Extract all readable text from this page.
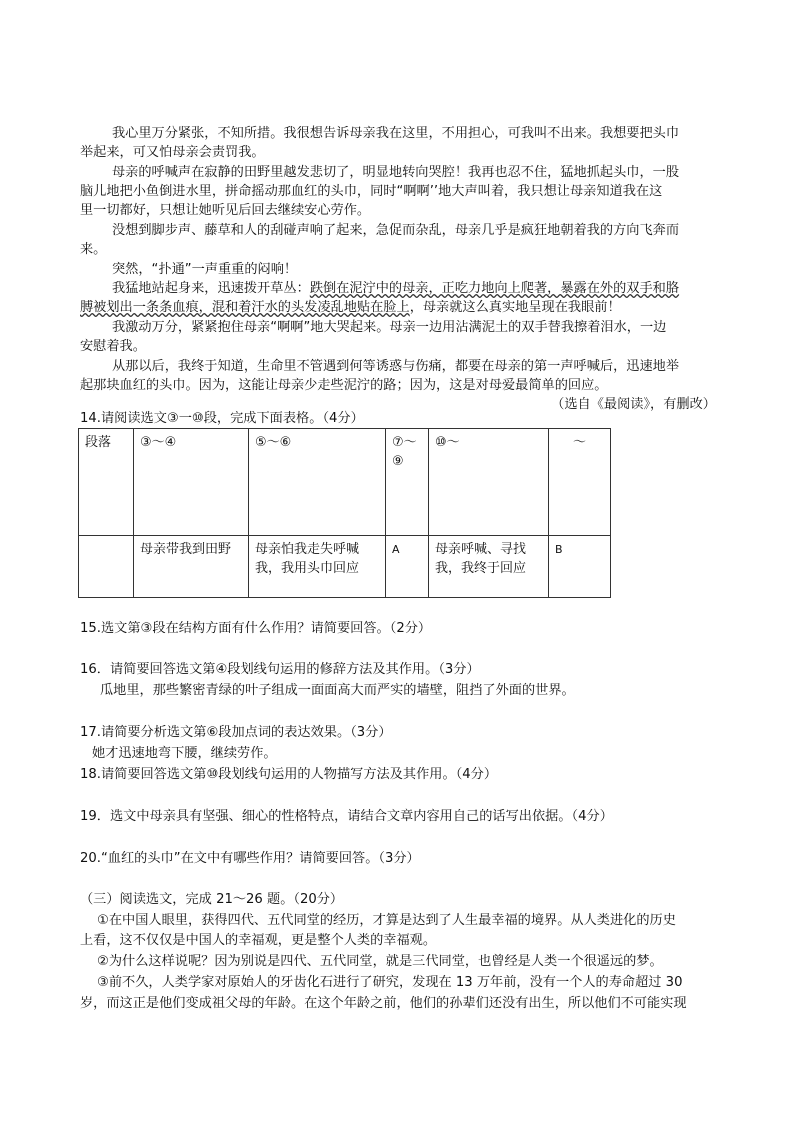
我心里万分紧张，不知所措。我很想告诉母亲我在这里，不用担心，可我叫不出来。我想要把头巾
举起来，可又怕母亲会责罚我。
母亲的呼喊声在寂静的田野里越发悲切了，明显地转向哭腔！我再也忍不住，猛地抓起头巾，一股
脑儿地把小鱼倒进水里，拼命摇动那血红的头巾，同时“啊啊’’地大声叫着，我只想让母亲知道我在这
里一切都好，只想让她听见后回去继续安心劳作。
没想到脚步声、藤草和人的刮碰声响了起来，急促而杂乱，母亲几乎是疯狂地朝着我的方向飞奔而
来。
突然，“扑通”一声重重的闷响！
我猛地站起身来，迅速拨开草丛：跌倒在泥泞中的母亲，正吃力地向上爬著，暴露在外的双手和胳
膊被划出一条条血痕，混和着汗水的头发凌乱地贴在脸上，母亲就这么真实地呈现在我眼前！
我激动万分，紧紧抱住母亲“啊啊”地大哭起来。母亲一边用沾满泥土的双手替我擦着泪水，一边
安慰着我。
从那以后，我终于知道，生命里不管遇到何等诱惑与伤痛，都要在母亲的第一声呼喊后，迅速地举
起那块血红的头巾。因为，这能让母亲少走些泥泞的路；因为，这是对母爱最简单的回应。
（选自《最阅读》，有删改）
14.请阅读选文③一⑩段，完成下面表格。（4分）
段落	③～④	⑤～⑥	⑦～⑨	⑩～	～
	母亲带我到田野	母亲怕我走失呼喊我，我用头巾回应	A	母亲呼喊、寻找我，我终于回应	B
15.选文第③段在结构方面有什么作用？请简要回答。（2分）
16．请简要回答选文第④段划线句运用的修辞方法及其作用。（3分）
瓜地里，那些繁密青绿的叶子组成一面面高大而严实的墙壁，阻挡了外面的世界。
17.请简要分析选文第⑥段加点词的表达效果。（3分）
她才迅速地弯下腰，继续劳作。
18.请简要回答选文第⑩段划线句运用的人物描写方法及其作用。（4分）
19．选文中母亲具有坚强、细心的性格特点，请结合文章内容用自己的话写出依据。（4分）
20.“血红的头巾”在文中有哪些作用？请简要回答。（3分）
（三）阅读选文，完成 21～26 题。（20分）
①在中国人眼里，获得四代、五代同堂的经历，才算是达到了人生最幸福的境界。从人类进化的历史
上看，这不仅仅是中国人的幸福观，更是整个人类的幸福观。
②为什么这样说呢？因为别说是四代、五代同堂，就是三代同堂，也曾经是人类一个很遥远的梦。
③前不久，人类学家对原始人的牙齿化石进行了研究，发现在 13 万年前，没有一个人的寿命超过 30
岁，而这正是他们变成祖父母的年龄。在这个年龄之前，他们的孙辈们还没有出生，所以他们不可能实现
